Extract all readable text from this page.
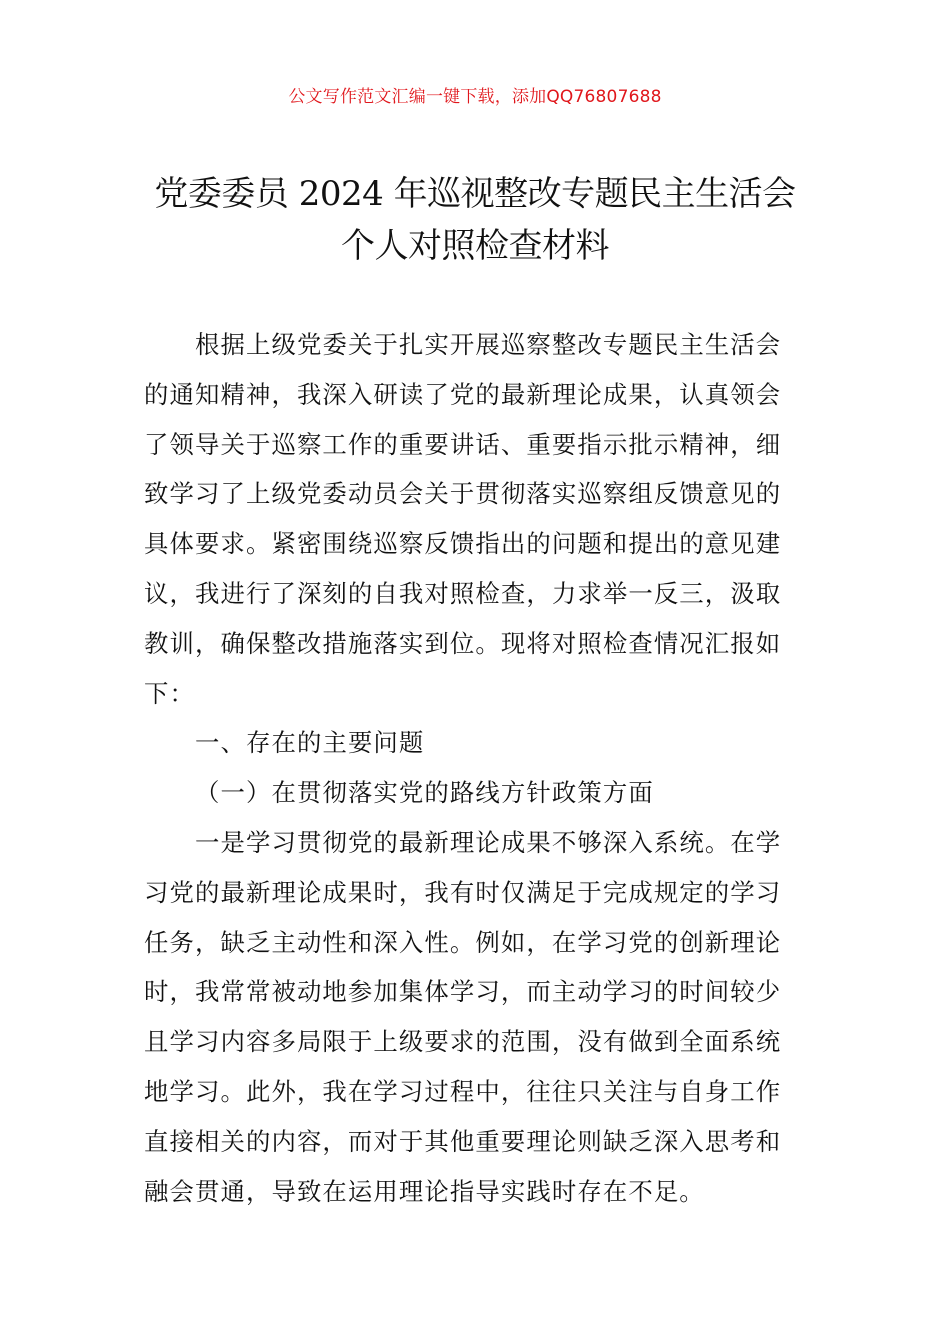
公文写作范文汇编一键下载，添加QQ76807688
党委委员 2024 年巡视整改专题民主生活会
个人对照检查材料
根据上级党委关于扎实开展巡察整改专题民主生活会
的通知精神，我深入研读了党的最新理论成果，认真领会
了领导关于巡察工作的重要讲话、重要指示批示精神，细
致学习了上级党委动员会关于贯彻落实巡察组反馈意见的
具体要求。紧密围绕巡察反馈指出的问题和提出的意见建
议，我进行了深刻的自我对照检查，力求举一反三，汲取
教训，确保整改措施落实到位。现将对照检查情况汇报如
下：
一、存在的主要问题
（一）在贯彻落实党的路线方针政策方面
一是学习贯彻党的最新理论成果不够深入系统。在学
习党的最新理论成果时，我有时仅满足于完成规定的学习
任务，缺乏主动性和深入性。例如，在学习党的创新理论
时，我常常被动地参加集体学习，而主动学习的时间较少
且学习内容多局限于上级要求的范围，没有做到全面系统
地学习。此外，我在学习过程中，往往只关注与自身工作
直接相关的内容，而对于其他重要理论则缺乏深入思考和
融会贯通，导致在运用理论指导实践时存在不足。
